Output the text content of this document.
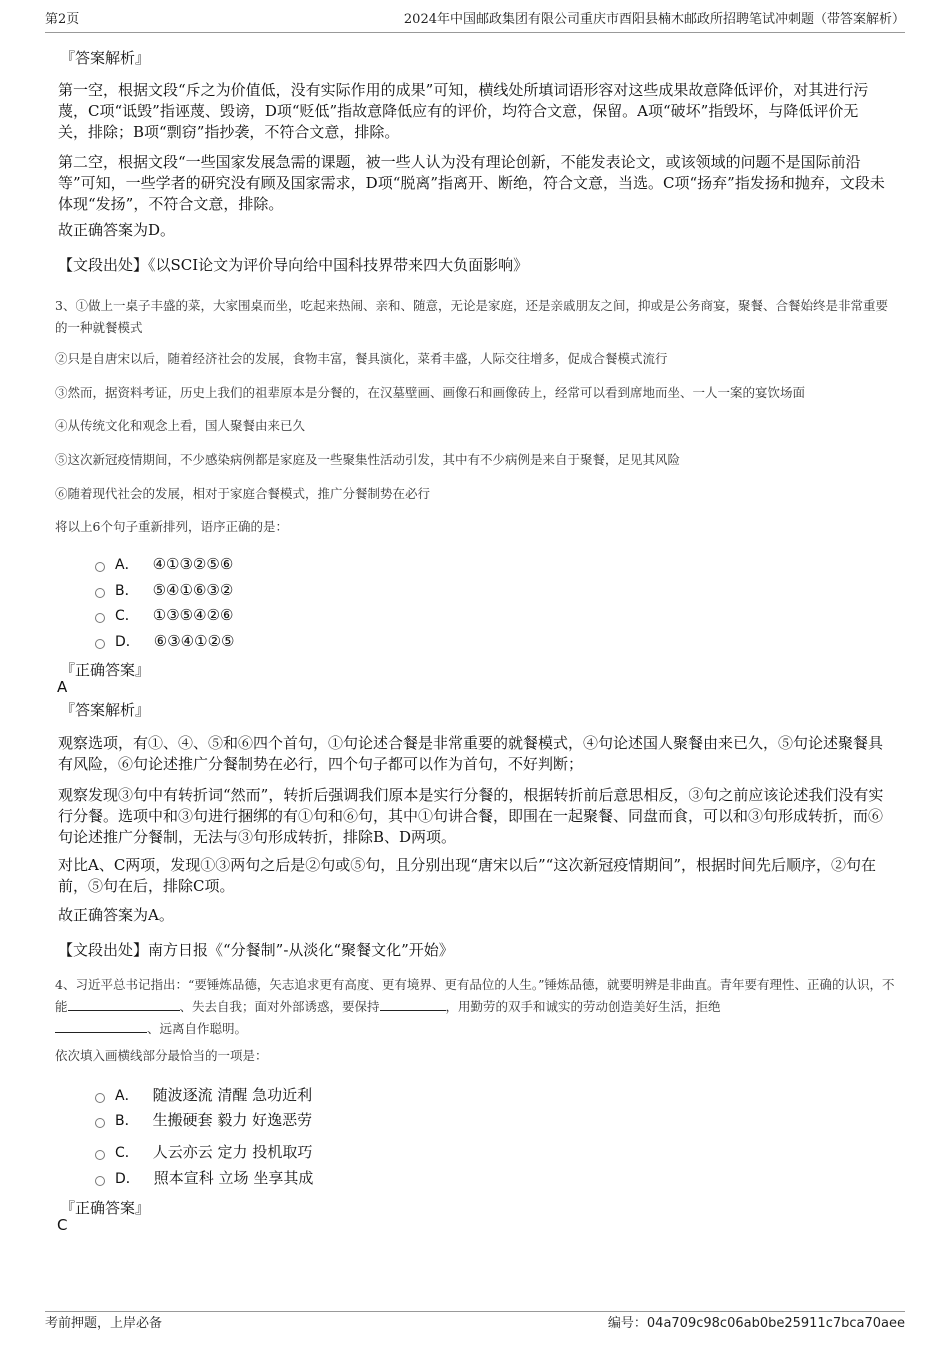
第2页	2024年中国邮政集团有限公司重庆市酉阳县楠木邮政所招聘笔试冲刺题（带答案解析）
『答案解析』
第一空，根据文段“斥之为价值低，没有实际作用的成果”可知，横线处所填词语形容对这些成果故意降低评价，对其进行污蔑，C项“诋毁”指诬蔑、毁谤，D项“贬低”指故意降低应有的评价，均符合文意，保留。A项“破坏”指毁坏，与降低评价无关，排除；B项“剽窃”指抄袭，不符合文意，排除。
第二空，根据文段“一些国家发展急需的课题，被一些人认为没有理论创新，不能发表论文，或该领域的问题不是国际前沿等”可知，一些学者的研究没有顾及国家需求，D项“脱离”指离开、断绝，符合文意，当选。C项“扬弃”指发扬和抛弃，文段未体现“发扬”，不符合文意，排除。
故正确答案为D。
【文段出处】《以SCI论文为评价导向给中国科技界带来四大负面影响》
3、①做上一桌子丰盛的菜，大家围桌而坐，吃起来热闹、亲和、随意，无论是家庭，还是亲戚朋友之间，抑或是公务商宴，聚餐、合餐始终是非常重要的一种就餐模式
②只是自唐宋以后，随着经济社会的发展，食物丰富，餐具演化，菜肴丰盛，人际交往增多，促成合餐模式流行
③然而，据资料考证，历史上我们的祖辈原本是分餐的，在汉墓壁画、画像石和画像砖上，经常可以看到席地而坐、一人一案的宴饮场面
④从传统文化和观念上看，国人聚餐由来已久
⑤这次新冠疫情期间，不少感染病例都是家庭及一些聚集性活动引发，其中有不少病例是来自于聚餐，足见其风险
⑥随着现代社会的发展，相对于家庭合餐模式，推广分餐制势在必行
将以上6个句子重新排列，语序正确的是：
A． ④①③②⑤⑥
B． ⑤④①⑥③②
C． ①③⑤④②⑥
D． ⑥③④①②⑤
『正确答案』
A
『答案解析』
观察选项，有①、④、⑤和⑥四个首句，①句论述合餐是非常重要的就餐模式，④句论述国人聚餐由来已久，⑤句论述聚餐具有风险，⑥句论述推广分餐制势在必行，四个句子都可以作为首句，不好判断；
观察发现③句中有转折词“然而”，转折后强调我们原本是实行分餐的，根据转折前后意思相反，③句之前应该论述我们没有实行分餐。选项中和③句进行捆绑的有①句和⑥句，其中①句讲合餐，即围在一起聚餐、同盘而食，可以和③句形成转折，而⑥句论述推广分餐制，无法与③句形成转折，排除B、D两项。
对比A、C两项，发现①③两句之后是②句或⑤句，且分别出现“唐宋以后”“这次新冠疫情期间”，根据时间先后顺序，②句在前，⑤句在后，排除C项。
故正确答案为A。
【文段出处】南方日报《“分餐制”-从淡化“聚餐文化”开始》
4、习近平总书记指出：“要锤炼品德，矢志追求更有高度、更有境界、更有品位的人生。”锤炼品德，就要明辨是非曲直。青年要有理性、正确的认识，不能	、失去自我；面对外部诱惑，要保持	，用勤劳的双手和诚实的劳动创造美好生活，拒绝
、远离自作聪明。
依次填入画横线部分最恰当的一项是：
A． 随波逐流 清醒 急功近利
B． 生搬硬套 毅力 好逸恶劳
C． 人云亦云 定力 投机取巧
D． 照本宣科 立场 坐享其成
『正确答案』
C
考前押题，上岸必备	编号：04a709c98c06ab0be25911c7bca70aee
